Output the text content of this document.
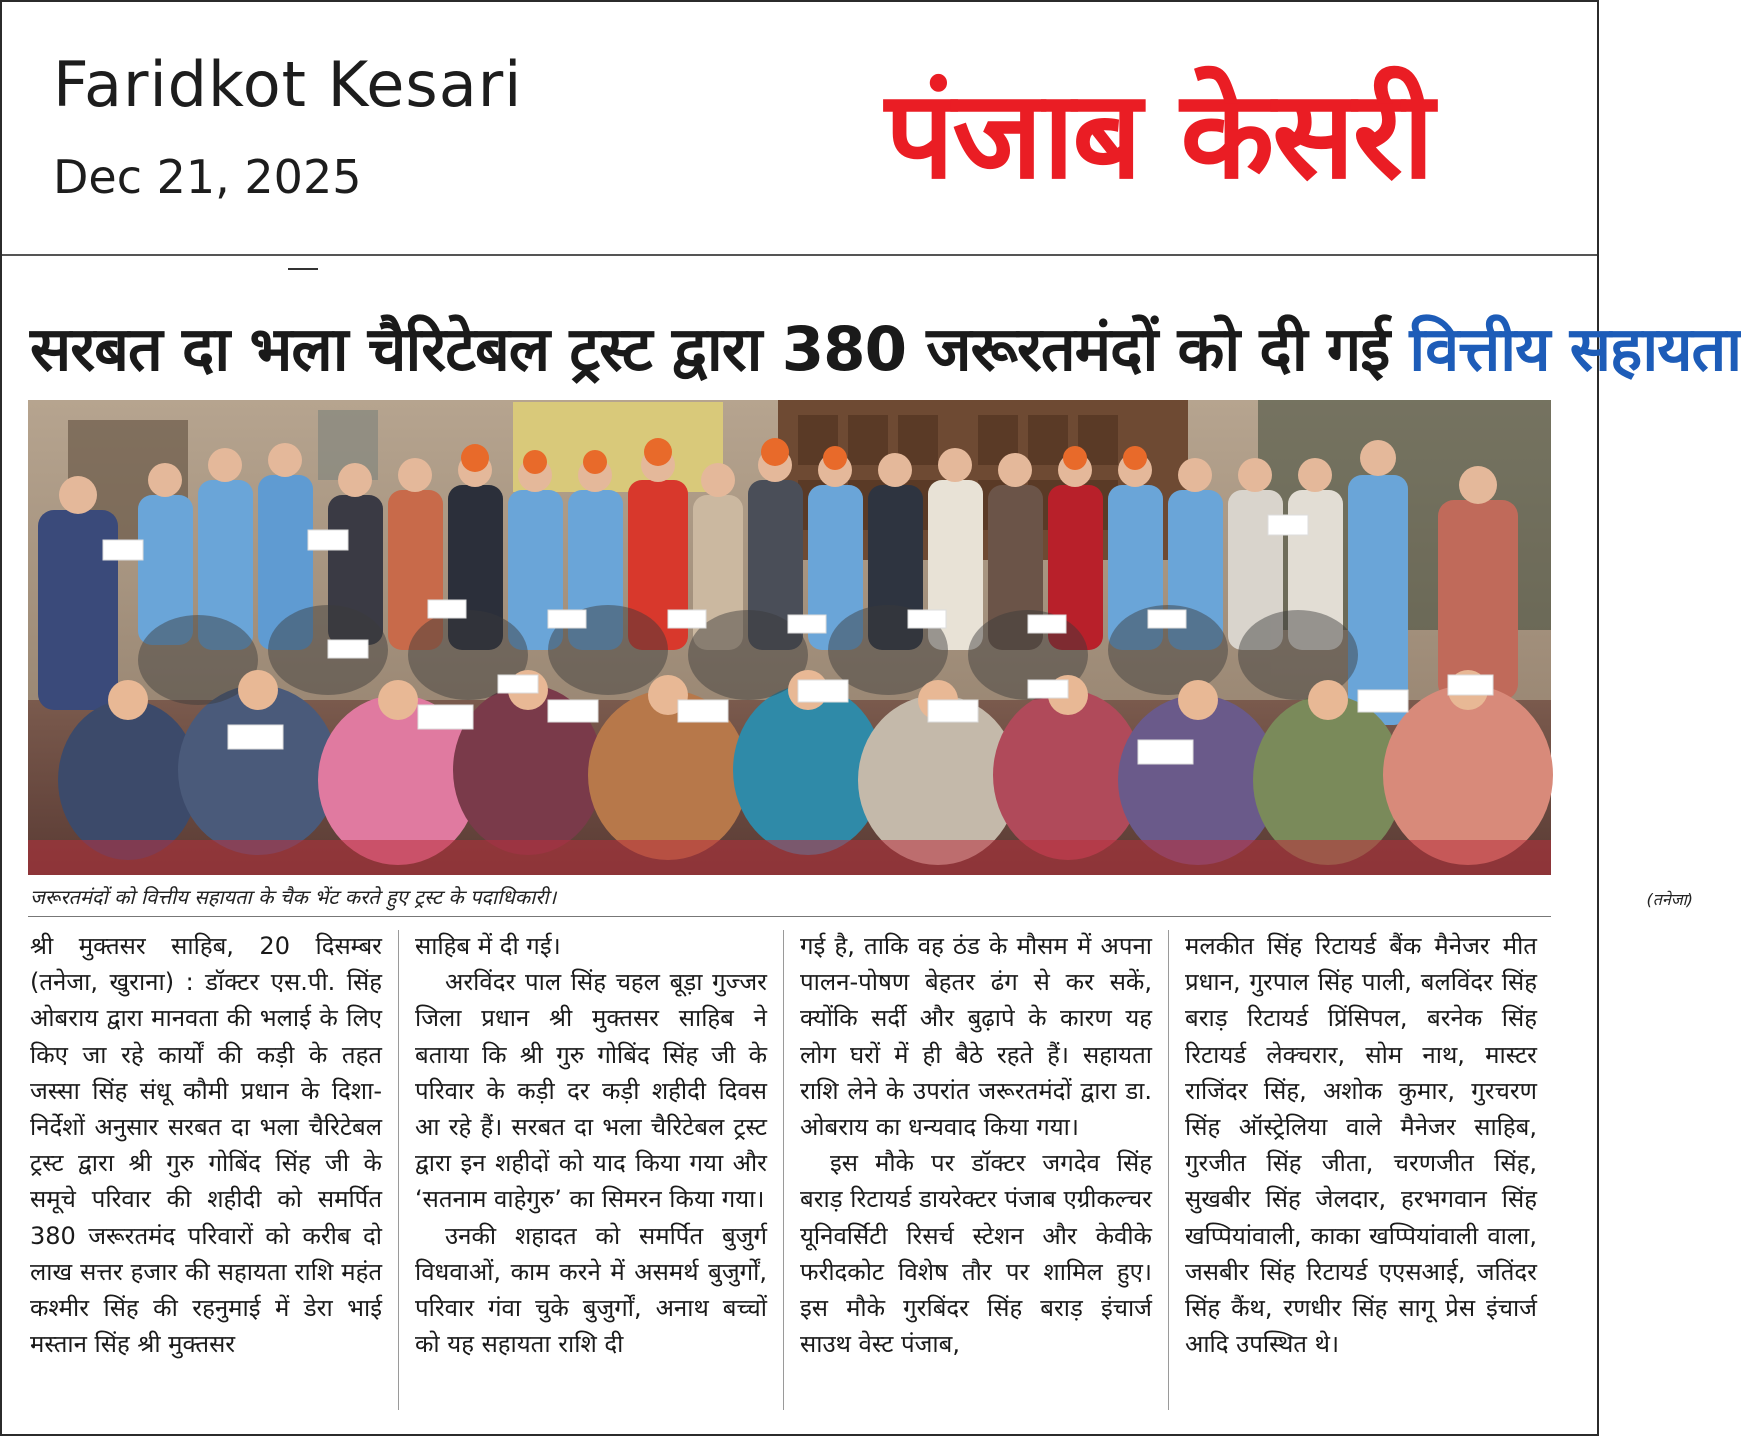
Faridkot Kesari
Dec 21, 2025	पंजाब केसरी
सरबत दा भला चैरिटेबल ट्रस्ट द्वारा 380 जरूरतमंदों को दी गई वित्तीय सहायता
जरूरतमंदों को वित्तीय सहायता के चैक भेंट करते हुए ट्रस्ट के पदाधिकारी।	(तनेजा)

श्री मुक्तसर साहिब, 20 दिसम्बर (तनेजा, खुराना) : डॉक्टर एस.पी. सिंह ओबराय द्वारा मानवता की भलाई के लिए किए जा रहे कार्यों की कड़ी के तहत जस्सा सिंह संधू कौमी प्रधान के दिशा-निर्देशों अनुसार सरबत दा भला चैरिटेबल ट्रस्ट द्वारा श्री गुरु गोबिंद सिंह जी के समूचे परिवार की शहीदी को समर्पित 380 जरूरतमंद परिवारों को करीब दो लाख सत्तर हजार की सहायता राशि महंत कश्मीर सिंह की रहनुमाई में डेरा भाई मस्तान सिंह श्री मुक्तसर

साहिब में दी गई।

अरविंदर पाल सिंह चहल बूड़ा गुज्जर जिला प्रधान श्री मुक्तसर साहिब ने बताया कि श्री गुरु गोबिंद सिंह जी के परिवार के कड़ी दर कड़ी शहीदी दिवस आ रहे हैं। सरबत दा भला चैरिटेबल ट्रस्ट द्वारा इन शहीदों को याद किया गया और ‘सतनाम वाहेगुरु’ का सिमरन किया गया।

उनकी शहादत को समर्पित बुजुर्ग विधवाओं, काम करने में असमर्थ बुजुर्गों, परिवार गंवा चुके बुजुर्गों, अनाथ बच्चों को यह सहायता राशि दी

गई है, ताकि वह ठंड के मौसम में अपना पालन-पोषण बेहतर ढंग से कर सकें, क्योंकि सर्दी और बुढ़ापे के कारण यह लोग घरों में ही बैठे रहते हैं। सहायता राशि लेने के उपरांत जरूरतमंदों द्वारा डा. ओबराय का धन्यवाद किया गया।

इस मौके पर डॉक्टर जगदेव सिंह बराड़ रिटायर्ड डायरेक्टर पंजाब एग्रीकल्चर यूनिवर्सिटी रिसर्च स्टेशन और केवीके फरीदकोट विशेष तौर पर शामिल हुए। इस मौके गुरबिंदर सिंह बराड़ इंचार्ज साउथ वेस्ट पंजाब,

मलकीत सिंह रिटायर्ड बैंक मैनेजर मीत प्रधान, गुरपाल सिंह पाली, बलविंदर सिंह बराड़ रिटायर्ड प्रिंसिपल, बरनेक सिंह रिटायर्ड लेक्चरार, सोम नाथ, मास्टर राजिंदर सिंह, अशोक कुमार, गुरचरण सिंह ऑस्ट्रेलिया वाले मैनेजर साहिब, गुरजीत सिंह जीता, चरणजीत सिंह, सुखबीर सिंह जेलदार, हरभगवान सिंह खप्पियांवाली, काका खप्पियांवाली वाला, जसबीर सिंह रिटायर्ड एएसआई, जतिंदर सिंह कैंथ, रणधीर सिंह सागू प्रेस इंचार्ज आदि उपस्थित थे।
